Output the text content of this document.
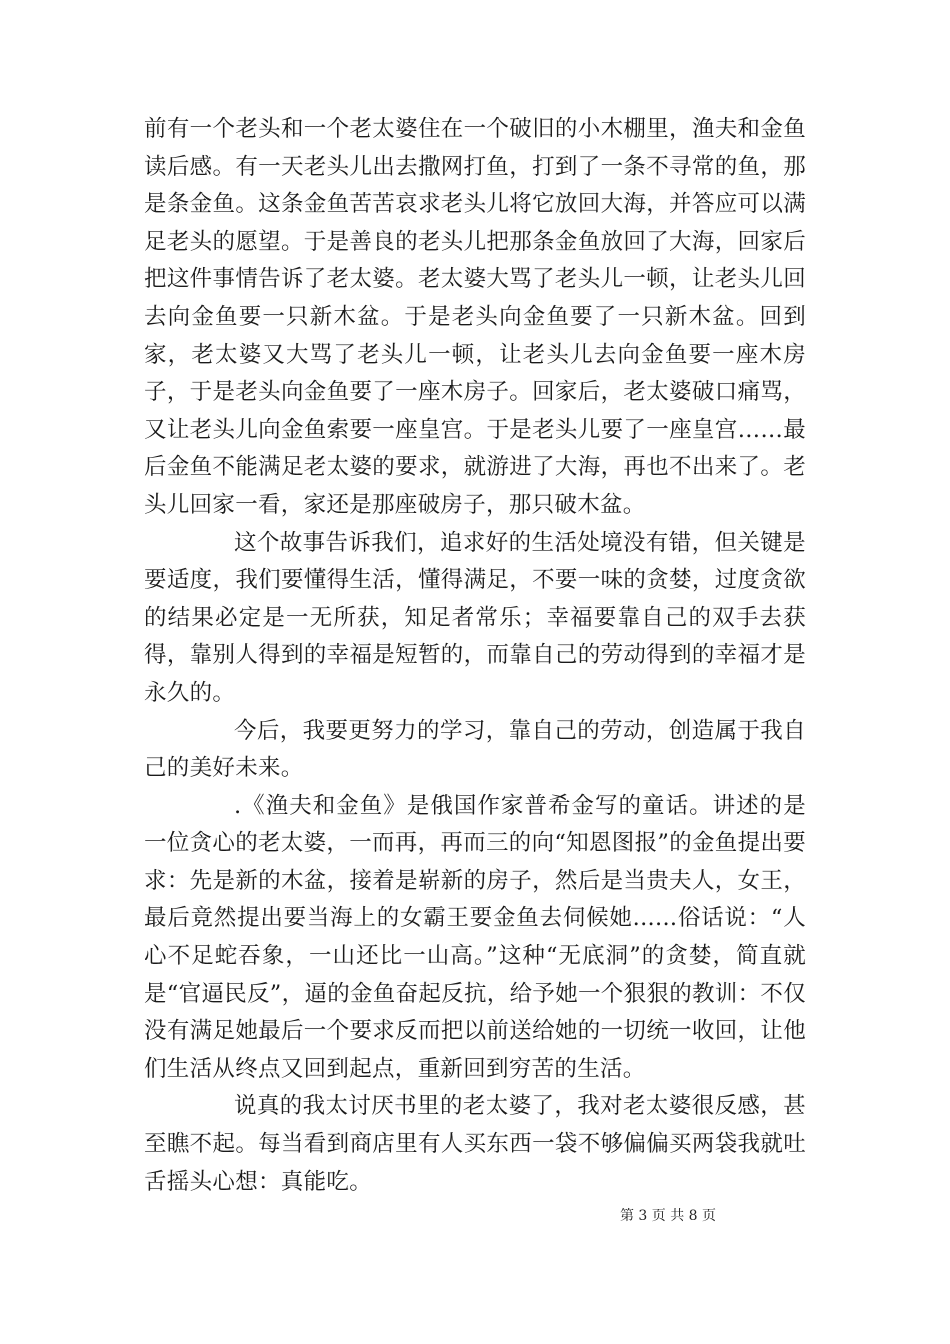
前有一个老头和一个老太婆住在一个破旧的小木棚里，渔夫和金鱼读后感。有一天老头儿出去撒网打鱼，打到了一条不寻常的鱼，那是条金鱼。这条金鱼苦苦哀求老头儿将它放回大海，并答应可以满足老头的愿望。于是善良的老头儿把那条金鱼放回了大海，回家后把这件事情告诉了老太婆。老太婆大骂了老头儿一顿，让老头儿回去向金鱼要一只新木盆。于是老头向金鱼要了一只新木盆。回到家，老太婆又大骂了老头儿一顿，让老头儿去向金鱼要一座木房子，于是老头向金鱼要了一座木房子。回家后，老太婆破口痛骂，又让老头儿向金鱼索要一座皇宫。于是老头儿要了一座皇宫……最后金鱼不能满足老太婆的要求，就游进了大海，再也不出来了。老头儿回家一看，家还是那座破房子，那只破木盆。

这个故事告诉我们，追求好的生活处境没有错，但关键是要适度，我们要懂得生活，懂得满足，不要一味的贪婪，过度贪欲的结果必定是一无所获，知足者常乐；幸福要靠自己的双手去获得，靠别人得到的幸福是短暂的，而靠自己的劳动得到的幸福才是永久的。

今后，我要更努力的学习，靠自己的劳动，创造属于我自己的美好未来。

.《渔夫和金鱼》是俄国作家普希金写的童话。讲述的是一位贪心的老太婆，一而再，再而三的向“知恩图报”的金鱼提出要求：先是新的木盆，接着是崭新的房子，然后是当贵夫人，女王，最后竟然提出要当海上的女霸王要金鱼去伺候她......俗话说：“人心不足蛇吞象，一山还比一山高。”这种“无底洞”的贪婪，简直就是“官逼民反”，逼的金鱼奋起反抗，给予她一个狠狠的教训：不仅没有满足她最后一个要求反而把以前送给她的一切统一收回，让他们生活从终点又回到起点，重新回到穷苦的生活。

说真的我太讨厌书里的老太婆了，我对老太婆很反感，甚至瞧不起。每当看到商店里有人买东西一袋不够偏偏买两袋我就吐舌摇头心想：真能吃。

第 3 页 共 8 页
